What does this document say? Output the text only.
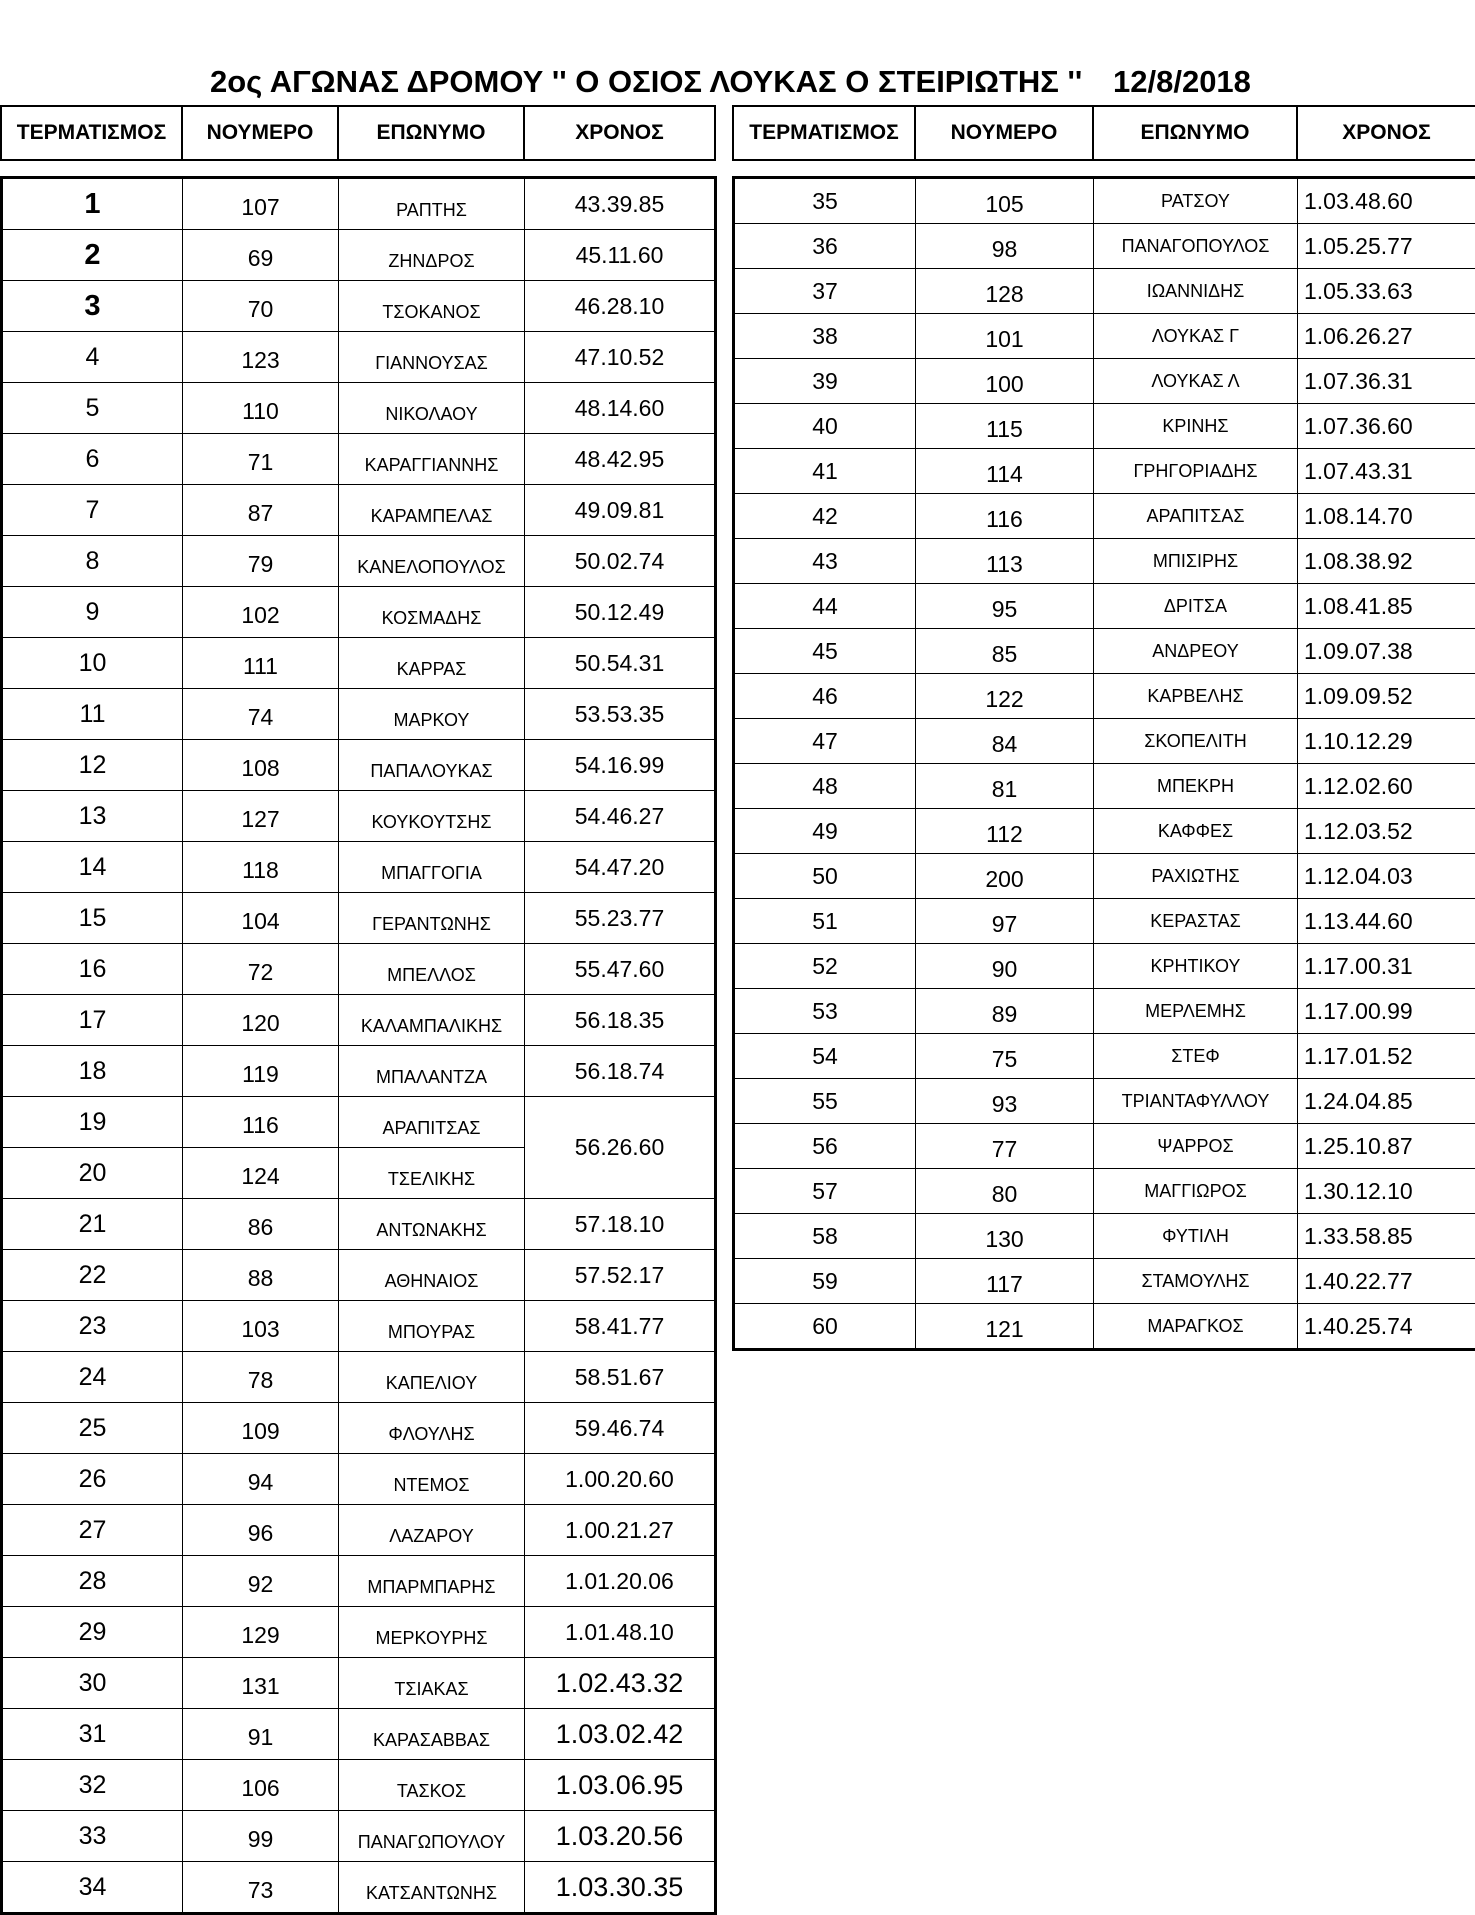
2ος ΑΓΩΝΑΣ ΔΡΟΜΟΥ '' Ο ΟΣΙΟΣ ΛΟΥΚΑΣ Ο ΣΤΕΙΡΙΩΤΗΣ '' 12/8/2018
ΤΕΡΜΑΤΙΣΜΟΣ	ΝΟΥΜΕΡΟ	ΕΠΩΝΥΜΟ	ΧΡΟΝΟΣ	ΤΕΡΜΑΤΙΣΜΟΣ	ΝΟΥΜΕΡΟ	ΕΠΩΝΥΜΟ	ΧΡΟΝΟΣ
1	107	ΡΑΠΤΗΣ	43.39.85
2	69	ΖΗΝΔΡΟΣ	45.11.60
3	70	ΤΣΟΚΑΝΟΣ	46.28.10
4	123	ΓΙΑΝΝΟΥΣΑΣ	47.10.52
5	110	ΝΙΚΟΛΑΟΥ	48.14.60
6	71	ΚΑΡΑΓΓΙΑΝΝΗΣ	48.42.95
7	87	ΚΑΡΑΜΠΕΛΑΣ	49.09.81
8	79	ΚΑΝΕΛΟΠΟΥΛΟΣ	50.02.74
9	102	ΚΟΣΜΑΔΗΣ	50.12.49
10	111	ΚΑΡΡΑΣ	50.54.31
11	74	ΜΑΡΚΟΥ	53.53.35
12	108	ΠΑΠΑΛΟΥΚΑΣ	54.16.99
13	127	ΚΟΥΚΟΥΤΣΗΣ	54.46.27
14	118	ΜΠΑΓΓΟΓΙΑ	54.47.20
15	104	ΓΕΡΑΝΤΩΝΗΣ	55.23.77
16	72	ΜΠΕΛΛΟΣ	55.47.60
17	120	ΚΑΛΑΜΠΑΛΙΚΗΣ	56.18.35
18	119	ΜΠΑΛΑΝΤΖΑ	56.18.74
19	116	ΑΡΑΠΙΤΣΑΣ	56.26.60
20	124	ΤΣΕΛΙΚΗΣ	
21	86	ΑΝΤΩΝΑΚΗΣ	57.18.10
22	88	ΑΘΗΝΑΙΟΣ	57.52.17
23	103	ΜΠΟΥΡΑΣ	58.41.77
24	78	ΚΑΠΕΛΙΟΥ	58.51.67
25	109	ΦΛΟΥΛΗΣ	59.46.74
26	94	ΝΤΕΜΟΣ	1.00.20.60
27	96	ΛΑΖΑΡΟΥ	1.00.21.27
28	92	ΜΠΑΡΜΠΑΡΗΣ	1.01.20.06
29	129	ΜΕΡΚΟΥΡΗΣ	1.01.48.10
30	131	ΤΣΙΑΚΑΣ	1.02.43.32
31	91	ΚΑΡΑΣΑΒΒΑΣ	1.03.02.42
32	106	ΤΑΣΚΟΣ	1.03.06.95
33	99	ΠΑΝΑΓΩΠΟΥΛΟΥ	1.03.20.56
34	73	ΚΑΤΣΑΝΤΩΝΗΣ	1.03.30.35
35	105	ΡΑΤΣΟΥ	1.03.48.60
36	98	ΠΑΝΑΓΟΠΟΥΛΟΣ	1.05.25.77
37	128	ΙΩΑΝΝΙΔΗΣ	1.05.33.63
38	101	ΛΟΥΚΑΣ Γ	1.06.26.27
39	100	ΛΟΥΚΑΣ Λ	1.07.36.31
40	115	ΚΡΙΝΗΣ	1.07.36.60
41	114	ΓΡΗΓΟΡΙΑΔΗΣ	1.07.43.31
42	116	ΑΡΑΠΙΤΣΑΣ	1.08.14.70
43	113	ΜΠΙΣΙΡΗΣ	1.08.38.92
44	95	ΔΡΙΤΣΑ	1.08.41.85
45	85	ΑΝΔΡΕΟΥ	1.09.07.38
46	122	ΚΑΡΒΕΛΗΣ	1.09.09.52
47	84	ΣΚΟΠΕΛΙΤΗ	1.10.12.29
48	81	ΜΠΕΚΡΗ	1.12.02.60
49	112	ΚΑΦΦΕΣ	1.12.03.52
50	200	ΡΑΧΙΩΤΗΣ	1.12.04.03
51	97	ΚΕΡΑΣΤΑΣ	1.13.44.60
52	90	ΚΡΗΤΙΚΟΥ	1.17.00.31
53	89	ΜΕΡΛΕΜΗΣ	1.17.00.99
54	75	ΣΤΕΦ	1.17.01.52
55	93	ΤΡΙΑΝΤΑΦΥΛΛΟΥ	1.24.04.85
56	77	ΨΑΡΡΟΣ	1.25.10.87
57	80	ΜΑΓΓΙΩΡΟΣ	1.30.12.10
58	130	ΦΥΤΙΛΗ	1.33.58.85
59	117	ΣΤΑΜΟΥΛΗΣ	1.40.22.77
60	121	ΜΑΡΑΓΚΟΣ	1.40.25.74
